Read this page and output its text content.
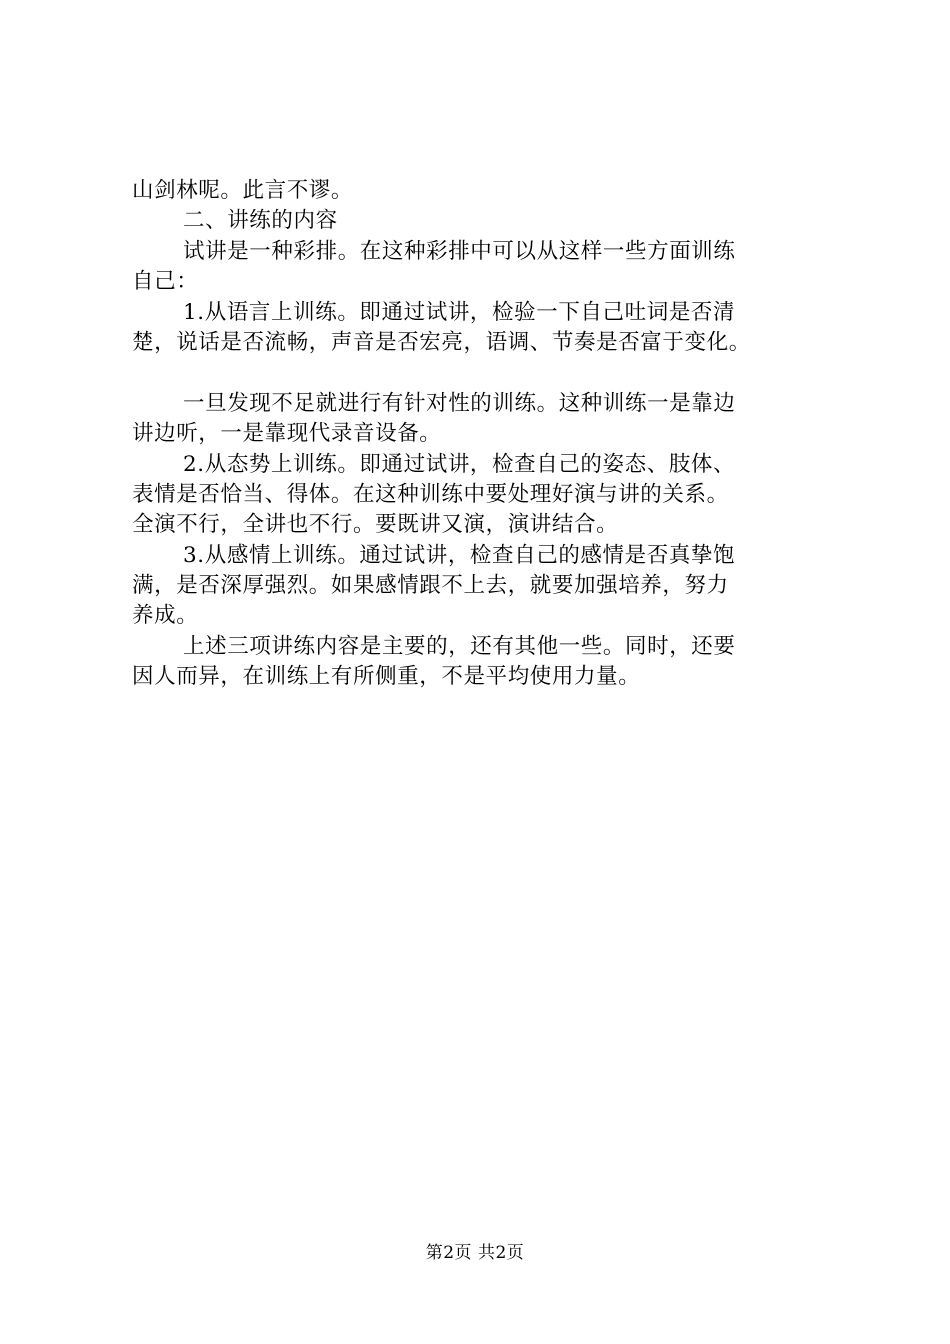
山剑林呢。此言不谬。
二、讲练的内容
试讲是一种彩排。在这种彩排中可以从这样一些方面训练
自己：
1.从语言上训练。即通过试讲，检验一下自己吐词是否清
楚，说话是否流畅，声音是否宏亮，语调、节奏是否富于变化。
一旦发现不足就进行有针对性的训练。这种训练一是靠边
讲边听，一是靠现代录音设备。
2.从态势上训练。即通过试讲，检查自己的姿态、肢体、
表情是否恰当、得体。在这种训练中要处理好演与讲的关系。
全演不行，全讲也不行。要既讲又演，演讲结合。
3.从感情上训练。通过试讲，检查自己的感情是否真挚饱
满，是否深厚强烈。如果感情跟不上去，就要加强培养，努力
养成。
上述三项讲练内容是主要的，还有其他一些。同时，还要
因人而异，在训练上有所侧重，不是平均使用力量。
第2页 共2页
